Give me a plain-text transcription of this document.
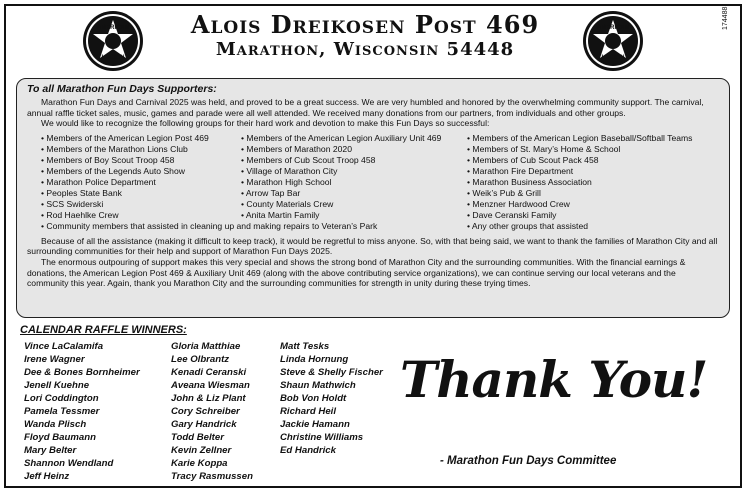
AMERICAN
LEGION
AMERICAN
LEGION
Alois Dreikosen Post 469
Marathon, Wisconsin 54448
174488

To all Marathon Fun Days Supporters:

Marathon Fun Days and Carnival 2025 was held, and proved to be a great success. We are very humbled and honored by the overwhelming community support. The carnival, annual raffle ticket sales, music, games and parade were all well attended. We received many donations from our partners, from individuals and other groups.

We would like to recognize the following groups for their hard work and devotion to make this Fun Days so successful:

• Members of the American Legion Post 469
• Members of the Marathon Lions Club
• Members of Boy Scout Troop 458
• Members of the Legends Auto Show
• Marathon Police Department
• Peoples State Bank
• SCS Swiderski
• Rod Haehlke Crew
• Community members that assisted in cleaning up and making repairs to Veteran’s Park
• Members of the American Legion Auxiliary Unit 469
• Members of Marathon 2020
• Members of Cub Scout Troop 458
• Village of Marathon City
• Marathon High School
• Arrow Tap Bar
• County Materials Crew
• Anita Martin Family
• Members of the American Legion Baseball/Softball Teams
• Members of St. Mary’s Home & School
• Members of Cub Scout Pack 458
• Marathon Fire Department
• Marathon Business Association
• Weik’s Pub & Grill
• Menzner Hardwood Crew
• Dave Ceranski Family
• Any other groups that assisted

Because of all the assistance (making it difficult to keep track), it would be regretful to miss anyone. So, with that being said, we want to thank the families of Marathon City and all surrounding communities for their help and support of Marathon Fun Days 2025.

The enormous outpouring of support makes this very special and shows the strong bond of Marathon City and the surrounding communities. With the financial earnings & donations, the American Legion Post 469 & Auxiliary Unit 469 (along with the above contributing service organizations), we can continue serving our local veterans and the community this year. Again, thank you Marathon City and the surrounding communities for strength in unity during these trying times.

CALENDAR RAFFLE WINNERS:
Vince LaCalamifa
Irene Wagner
Dee & Bones Bornheimer
Jenell Kuehne
Lori Coddington
Pamela Tessmer
Wanda Plisch
Floyd Baumann
Mary Belter
Shannon Wendland
Jeff Heinz
Gloria Matthiae
Lee Olbrantz
Kenadi Ceranski
Aveana Wiesman
John & Liz Plant
Cory Schreiber
Gary Handrick
Todd Belter
Kevin Zellner
Karie Koppa
Tracy Rasmussen
Matt Tesks
Linda Hornung
Steve & Shelly Fischer
Shaun Mathwich
Bob Von Holdt
Richard Heil
Jackie Hamann
Christine Williams
Ed Handrick
Thank You!
- Marathon Fun Days Committee
